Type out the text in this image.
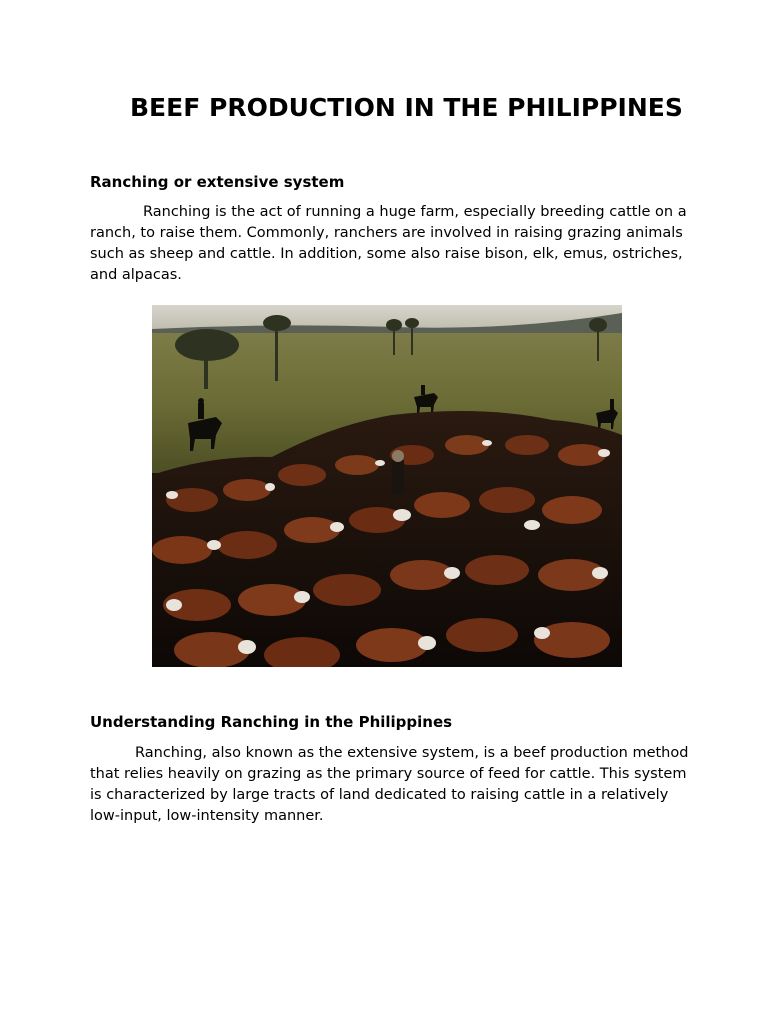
BEEF PRODUCTION IN THE PHILIPPINES
Ranching or extensive system

Ranching is the act of running a huge farm, especially breeding cattle on a ranch, to raise them. Commonly, ranchers are involved in raising grazing animals such as sheep and cattle. In addition, some also raise bison, elk, emus, ostriches, and alpacas.

Understanding Ranching in the Philippines

Ranching, also known as the extensive system, is a beef production method that relies heavily on grazing as the primary source of feed for cattle. This system is characterized by large tracts of land dedicated to raising cattle in a relatively low-input, low-intensity manner.
